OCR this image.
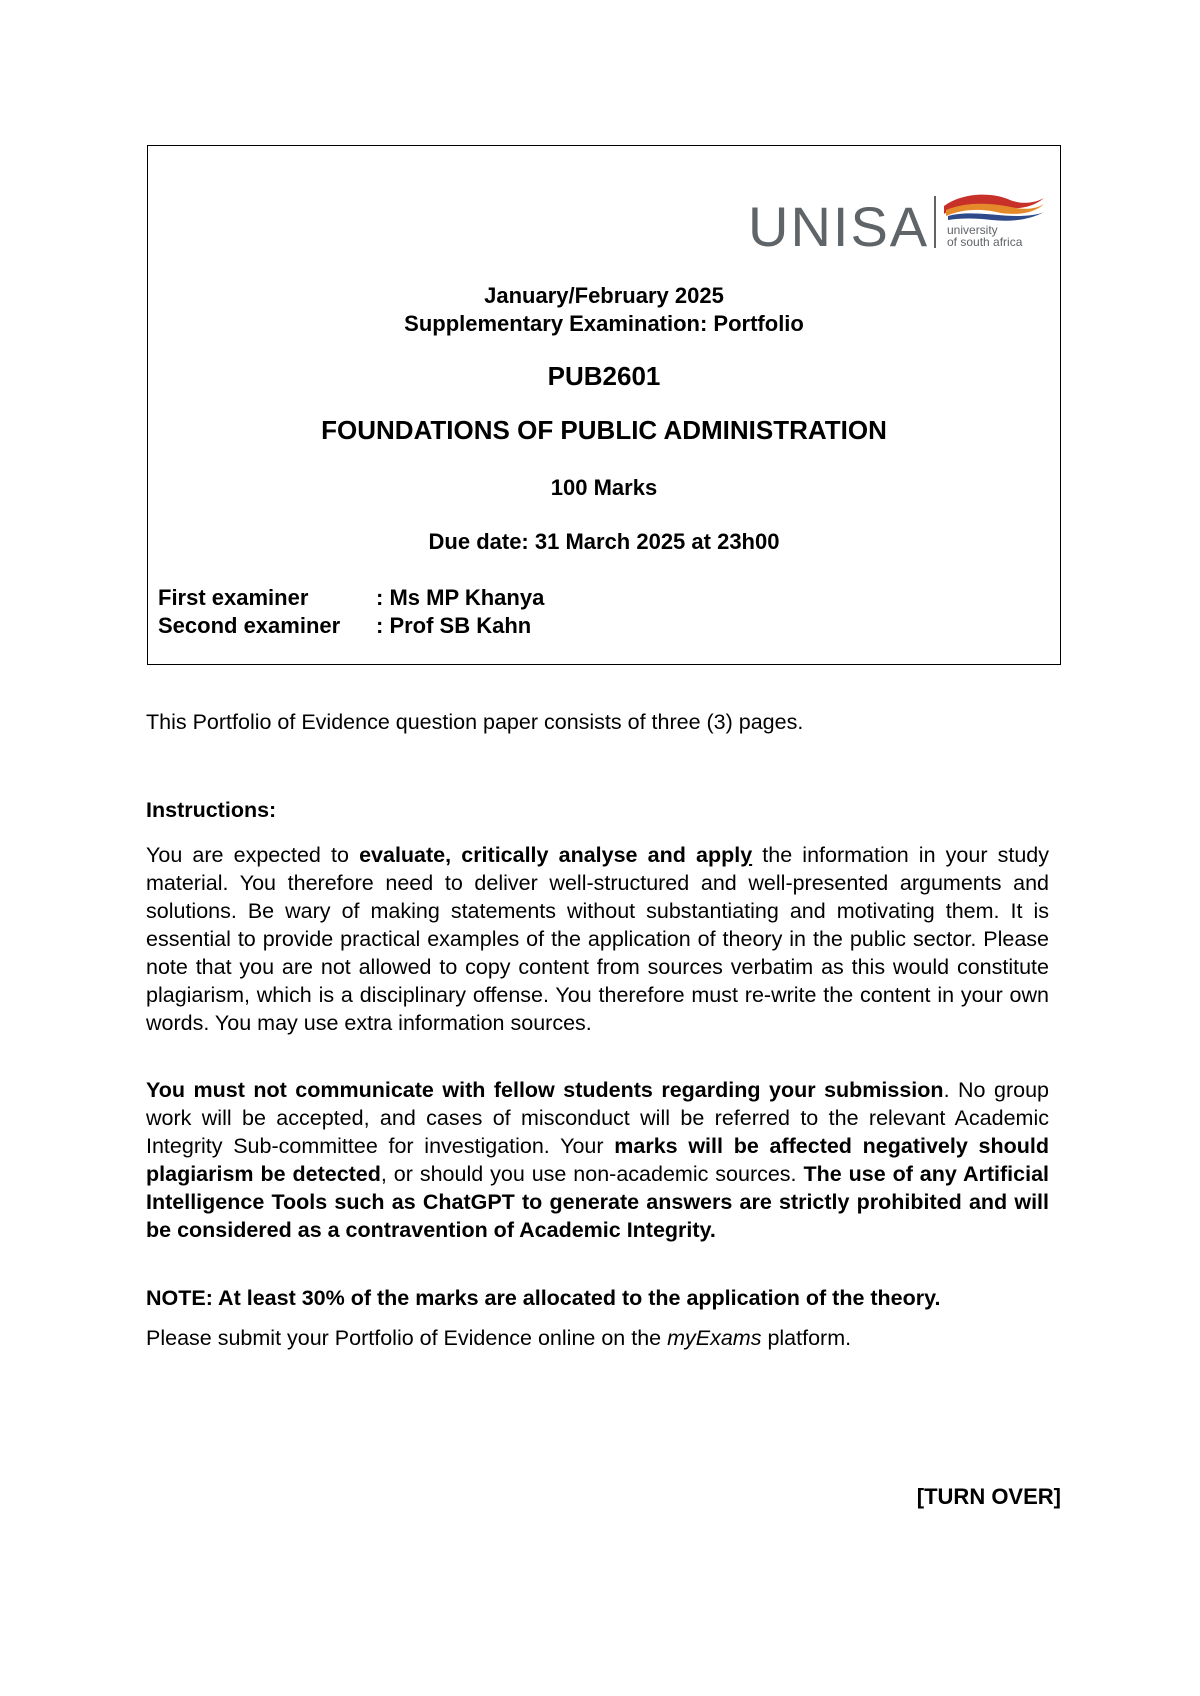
UNISA university
of south africa
January/February 2025
Supplementary Examination: Portfolio
PUB2601
FOUNDATIONS OF PUBLIC ADMINISTRATION
100 Marks
Due date: 31 March 2025 at 23h00
First examiner	: Ms MP Khanya
Second examiner	: Prof SB Kahn
This Portfolio of Evidence question paper consists of three (3) pages.
Instructions:
You are expected to evaluate, critically analyse and apply the information in your study material. You therefore need to deliver well-structured and well-presented arguments and solutions. Be wary of making statements without substantiating and motivating them. It is essential to provide practical examples of the application of theory in the public sector. Please note that you are not allowed to copy content from sources verbatim as this would constitute plagiarism, which is a disciplinary offense. You therefore must re-write the content in your own words. You may use extra information sources.
You must not communicate with fellow students regarding your submission. No group work will be accepted, and cases of misconduct will be referred to the relevant Academic Integrity Sub-committee for investigation. Your marks will be affected negatively should plagiarism be detected, or should you use non-academic sources. The use of any Artificial Intelligence Tools such as ChatGPT to generate answers are strictly prohibited and will be considered as a contravention of Academic Integrity.
NOTE: At least 30% of the marks are allocated to the application of the theory.
Please submit your Portfolio of Evidence online on the myExams platform.
[TURN OVER]
